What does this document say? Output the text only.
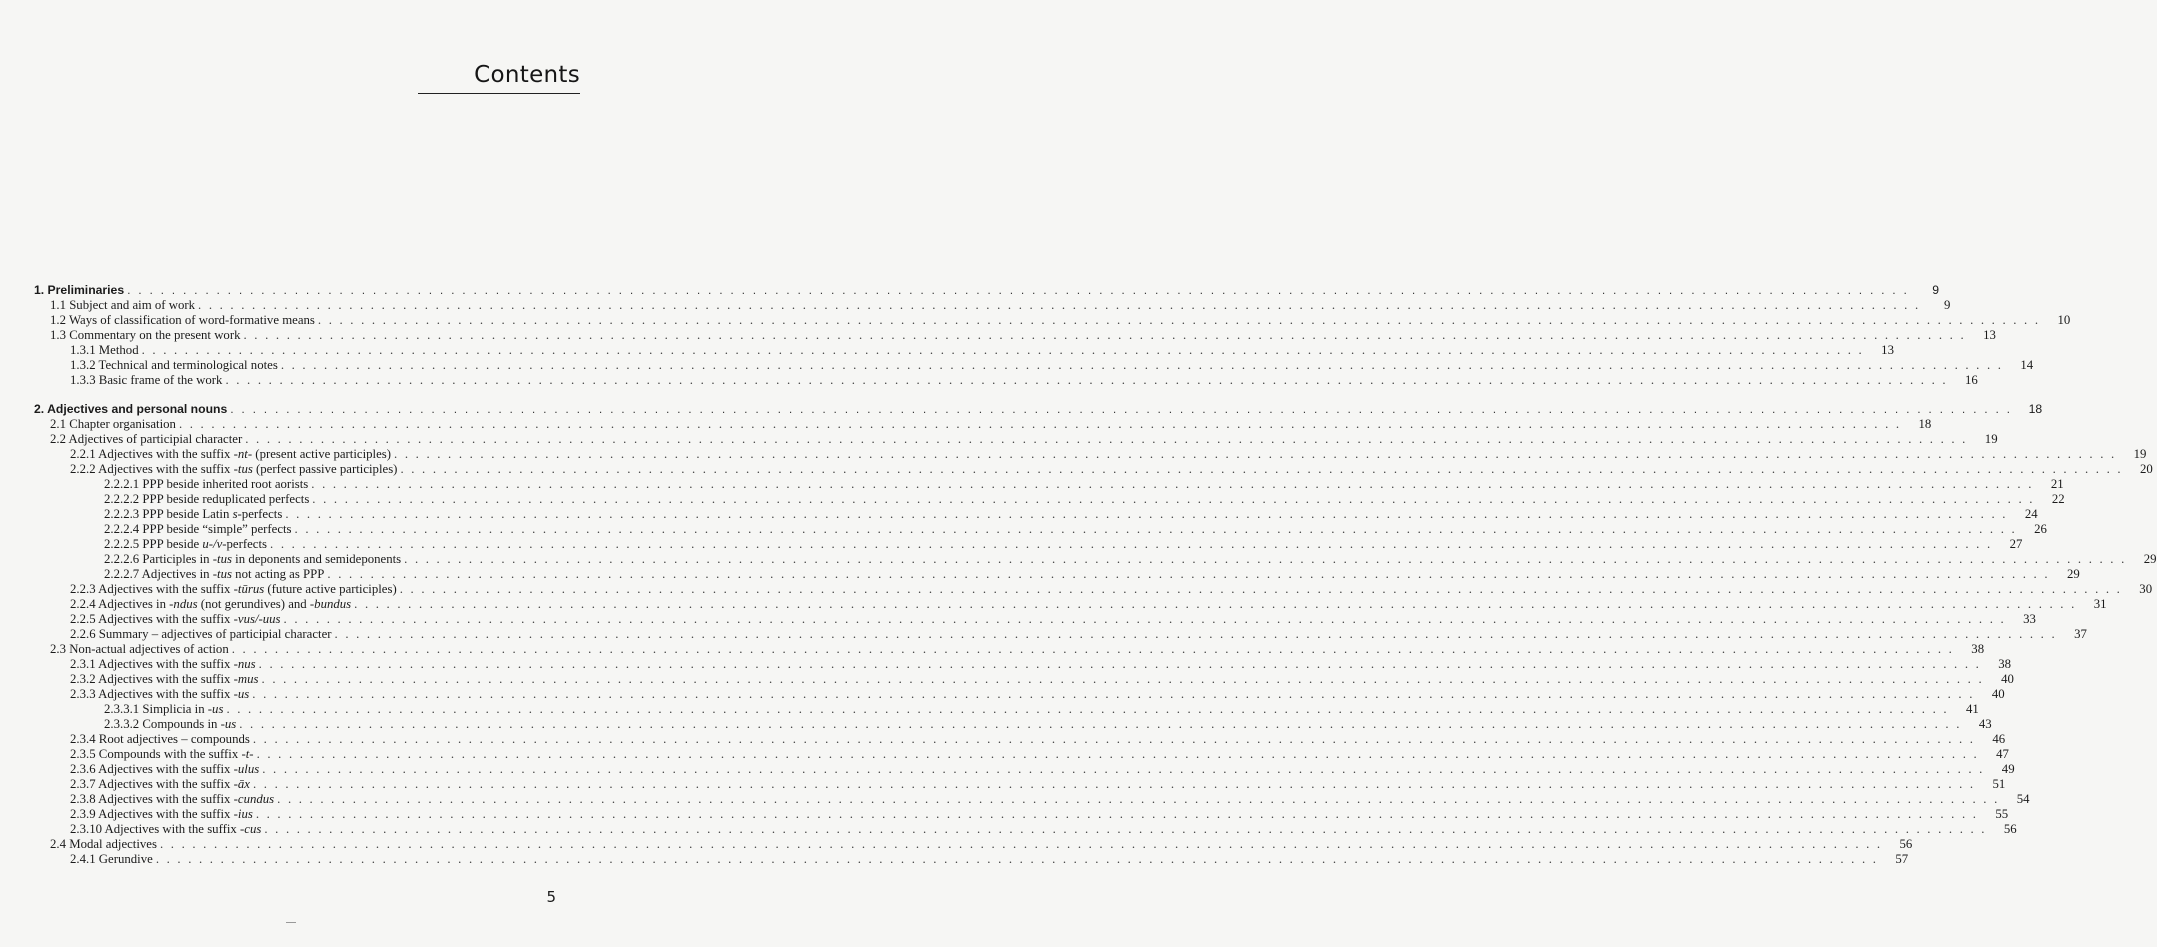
Contents
1. Preliminaries . . . . . . . . . . . . . . . . . . . . . . . . . . . . . . . . . . . . . . . . . . . . . . . . . . . . . . . . . . . . . . . . . . . . . . . . . . . . . . . . . . . . . . . . . . . . . . . . . . . . . . . . . . . . . . . . . . . . . . . . . . . . . . . . . . . . . . . . . . . . . . . . . . . . . . . . . . . . . . . .	9
1.1 Subject and aim of work . . . . . . . . . . . . . . . . . . . . . . . . . . . . . . . . . . . . . . . . . . . . . . . . . . . . . . . . . . . . . . . . . . . . . . . . . . . . . . . . . . . . . . . . . . . . . . . . . . . . . . . . . . . . . . . . . . . . . . . . . . . . . . . . . . . . . . . . . . . . . . . . . . . . . . . . . . . . . . . .	9
1.2 Ways of classification of word-formative means . . . . . . . . . . . . . . . . . . . . . . . . . . . . . . . . . . . . . . . . . . . . . . . . . . . . . . . . . . . . . . . . . . . . . . . . . . . . . . . . . . . . . . . . . . . . . . . . . . . . . . . . . . . . . . . . . . . . . . . . . . . . . . . . . . . . . . . . . . . . . . . . . . . . . . . . . . . . . . . .	10
1.3 Commentary on the present work . . . . . . . . . . . . . . . . . . . . . . . . . . . . . . . . . . . . . . . . . . . . . . . . . . . . . . . . . . . . . . . . . . . . . . . . . . . . . . . . . . . . . . . . . . . . . . . . . . . . . . . . . . . . . . . . . . . . . . . . . . . . . . . . . . . . . . . . . . . . . . . . . . . . . . . . . . . . . . . .	13
1.3.1 Method . . . . . . . . . . . . . . . . . . . . . . . . . . . . . . . . . . . . . . . . . . . . . . . . . . . . . . . . . . . . . . . . . . . . . . . . . . . . . . . . . . . . . . . . . . . . . . . . . . . . . . . . . . . . . . . . . . . . . . . . . . . . . . . . . . . . . . . . . . . . . . . . . . . . . . . . . . . . . . . .	13
1.3.2 Technical and terminological notes . . . . . . . . . . . . . . . . . . . . . . . . . . . . . . . . . . . . . . . . . . . . . . . . . . . . . . . . . . . . . . . . . . . . . . . . . . . . . . . . . . . . . . . . . . . . . . . . . . . . . . . . . . . . . . . . . . . . . . . . . . . . . . . . . . . . . . . . . . . . . . . . . . . . . . . . . . . . . . . .	14
1.3.3 Basic frame of the work . . . . . . . . . . . . . . . . . . . . . . . . . . . . . . . . . . . . . . . . . . . . . . . . . . . . . . . . . . . . . . . . . . . . . . . . . . . . . . . . . . . . . . . . . . . . . . . . . . . . . . . . . . . . . . . . . . . . . . . . . . . . . . . . . . . . . . . . . . . . . . . . . . . . . . . . . . . . . . . .	16
2. Adjectives and personal nouns . . . . . . . . . . . . . . . . . . . . . . . . . . . . . . . . . . . . . . . . . . . . . . . . . . . . . . . . . . . . . . . . . . . . . . . . . . . . . . . . . . . . . . . . . . . . . . . . . . . . . . . . . . . . . . . . . . . . . . . . . . . . . . . . . . . . . . . . . . . . . . . . . . . . . . . . . . . . . . . .	18
2.1 Chapter organisation . . . . . . . . . . . . . . . . . . . . . . . . . . . . . . . . . . . . . . . . . . . . . . . . . . . . . . . . . . . . . . . . . . . . . . . . . . . . . . . . . . . . . . . . . . . . . . . . . . . . . . . . . . . . . . . . . . . . . . . . . . . . . . . . . . . . . . . . . . . . . . . . . . . . . . . . . . . . . . . .	18
2.2 Adjectives of participial character . . . . . . . . . . . . . . . . . . . . . . . . . . . . . . . . . . . . . . . . . . . . . . . . . . . . . . . . . . . . . . . . . . . . . . . . . . . . . . . . . . . . . . . . . . . . . . . . . . . . . . . . . . . . . . . . . . . . . . . . . . . . . . . . . . . . . . . . . . . . . . . . . . . . . . . . . . . . . . . .	19
2.2.1 Adjectives with the suffix -nt- (present active participles) . . . . . . . . . . . . . . . . . . . . . . . . . . . . . . . . . . . . . . . . . . . . . . . . . . . . . . . . . . . . . . . . . . . . . . . . . . . . . . . . . . . . . . . . . . . . . . . . . . . . . . . . . . . . . . . . . . . . . . . . . . . . . . . . . . . . . . . . . . . . . . . . . . . . . . . . . . . . . . . .	19
2.2.2 Adjectives with the suffix -tus (perfect passive participles) . . . . . . . . . . . . . . . . . . . . . . . . . . . . . . . . . . . . . . . . . . . . . . . . . . . . . . . . . . . . . . . . . . . . . . . . . . . . . . . . . . . . . . . . . . . . . . . . . . . . . . . . . . . . . . . . . . . . . . . . . . . . . . . . . . . . . . . . . . . . . . . . . . . . . . . . . . . . . . . .	20
2.2.2.1 PPP beside inherited root aorists . . . . . . . . . . . . . . . . . . . . . . . . . . . . . . . . . . . . . . . . . . . . . . . . . . . . . . . . . . . . . . . . . . . . . . . . . . . . . . . . . . . . . . . . . . . . . . . . . . . . . . . . . . . . . . . . . . . . . . . . . . . . . . . . . . . . . . . . . . . . . . . . . . . . . . . . . . . . . . . .	21
2.2.2.2 PPP beside reduplicated perfects . . . . . . . . . . . . . . . . . . . . . . . . . . . . . . . . . . . . . . . . . . . . . . . . . . . . . . . . . . . . . . . . . . . . . . . . . . . . . . . . . . . . . . . . . . . . . . . . . . . . . . . . . . . . . . . . . . . . . . . . . . . . . . . . . . . . . . . . . . . . . . . . . . . . . . . . . . . . . . . .	22
2.2.2.3 PPP beside Latin s-perfects . . . . . . . . . . . . . . . . . . . . . . . . . . . . . . . . . . . . . . . . . . . . . . . . . . . . . . . . . . . . . . . . . . . . . . . . . . . . . . . . . . . . . . . . . . . . . . . . . . . . . . . . . . . . . . . . . . . . . . . . . . . . . . . . . . . . . . . . . . . . . . . . . . . . . . . . . . . . . . . .	24
2.2.2.4 PPP beside “simple” perfects . . . . . . . . . . . . . . . . . . . . . . . . . . . . . . . . . . . . . . . . . . . . . . . . . . . . . . . . . . . . . . . . . . . . . . . . . . . . . . . . . . . . . . . . . . . . . . . . . . . . . . . . . . . . . . . . . . . . . . . . . . . . . . . . . . . . . . . . . . . . . . . . . . . . . . . . . . . . . . . .	26
2.2.2.5 PPP beside u-/v-perfects . . . . . . . . . . . . . . . . . . . . . . . . . . . . . . . . . . . . . . . . . . . . . . . . . . . . . . . . . . . . . . . . . . . . . . . . . . . . . . . . . . . . . . . . . . . . . . . . . . . . . . . . . . . . . . . . . . . . . . . . . . . . . . . . . . . . . . . . . . . . . . . . . . . . . . . . . . . . . . . .	27
2.2.2.6 Participles in -tus in deponents and semideponents . . . . . . . . . . . . . . . . . . . . . . . . . . . . . . . . . . . . . . . . . . . . . . . . . . . . . . . . . . . . . . . . . . . . . . . . . . . . . . . . . . . . . . . . . . . . . . . . . . . . . . . . . . . . . . . . . . . . . . . . . . . . . . . . . . . . . . . . . . . . . . . . . . . . . . . . . . . . . . . .	29
2.2.2.7 Adjectives in -tus not acting as PPP . . . . . . . . . . . . . . . . . . . . . . . . . . . . . . . . . . . . . . . . . . . . . . . . . . . . . . . . . . . . . . . . . . . . . . . . . . . . . . . . . . . . . . . . . . . . . . . . . . . . . . . . . . . . . . . . . . . . . . . . . . . . . . . . . . . . . . . . . . . . . . . . . . . . . . . . . . . . . . . .	29
2.2.3 Adjectives with the suffix -tūrus (future active participles) . . . . . . . . . . . . . . . . . . . . . . . . . . . . . . . . . . . . . . . . . . . . . . . . . . . . . . . . . . . . . . . . . . . . . . . . . . . . . . . . . . . . . . . . . . . . . . . . . . . . . . . . . . . . . . . . . . . . . . . . . . . . . . . . . . . . . . . . . . . . . . . . . . . . . . . . . . . . . . . .	30
2.2.4 Adjectives in -ndus (not gerundives) and -bundus . . . . . . . . . . . . . . . . . . . . . . . . . . . . . . . . . . . . . . . . . . . . . . . . . . . . . . . . . . . . . . . . . . . . . . . . . . . . . . . . . . . . . . . . . . . . . . . . . . . . . . . . . . . . . . . . . . . . . . . . . . . . . . . . . . . . . . . . . . . . . . . . . . . . . . . . . . . . . . . .	31
2.2.5 Adjectives with the suffix -vus/-uus . . . . . . . . . . . . . . . . . . . . . . . . . . . . . . . . . . . . . . . . . . . . . . . . . . . . . . . . . . . . . . . . . . . . . . . . . . . . . . . . . . . . . . . . . . . . . . . . . . . . . . . . . . . . . . . . . . . . . . . . . . . . . . . . . . . . . . . . . . . . . . . . . . . . . . . . . . . . . . . .	33
2.2.6 Summary – adjectives of participial character . . . . . . . . . . . . . . . . . . . . . . . . . . . . . . . . . . . . . . . . . . . . . . . . . . . . . . . . . . . . . . . . . . . . . . . . . . . . . . . . . . . . . . . . . . . . . . . . . . . . . . . . . . . . . . . . . . . . . . . . . . . . . . . . . . . . . . . . . . . . . . . . . . . . . . . . . . . . . . . .	37
2.3 Non-actual adjectives of action . . . . . . . . . . . . . . . . . . . . . . . . . . . . . . . . . . . . . . . . . . . . . . . . . . . . . . . . . . . . . . . . . . . . . . . . . . . . . . . . . . . . . . . . . . . . . . . . . . . . . . . . . . . . . . . . . . . . . . . . . . . . . . . . . . . . . . . . . . . . . . . . . . . . . . . . . . . . . . . .	38
2.3.1 Adjectives with the suffix -nus . . . . . . . . . . . . . . . . . . . . . . . . . . . . . . . . . . . . . . . . . . . . . . . . . . . . . . . . . . . . . . . . . . . . . . . . . . . . . . . . . . . . . . . . . . . . . . . . . . . . . . . . . . . . . . . . . . . . . . . . . . . . . . . . . . . . . . . . . . . . . . . . . . . . . . . . . . . . . . . .	38
2.3.2 Adjectives with the suffix -mus . . . . . . . . . . . . . . . . . . . . . . . . . . . . . . . . . . . . . . . . . . . . . . . . . . . . . . . . . . . . . . . . . . . . . . . . . . . . . . . . . . . . . . . . . . . . . . . . . . . . . . . . . . . . . . . . . . . . . . . . . . . . . . . . . . . . . . . . . . . . . . . . . . . . . . . . . . . . . . . .	40
2.3.3 Adjectives with the suffix -us . . . . . . . . . . . . . . . . . . . . . . . . . . . . . . . . . . . . . . . . . . . . . . . . . . . . . . . . . . . . . . . . . . . . . . . . . . . . . . . . . . . . . . . . . . . . . . . . . . . . . . . . . . . . . . . . . . . . . . . . . . . . . . . . . . . . . . . . . . . . . . . . . . . . . . . . . . . . . . . .	40
2.3.3.1 Simplicia in -us . . . . . . . . . . . . . . . . . . . . . . . . . . . . . . . . . . . . . . . . . . . . . . . . . . . . . . . . . . . . . . . . . . . . . . . . . . . . . . . . . . . . . . . . . . . . . . . . . . . . . . . . . . . . . . . . . . . . . . . . . . . . . . . . . . . . . . . . . . . . . . . . . . . . . . . . . . . . . . . .	41
2.3.3.2 Compounds in -us . . . . . . . . . . . . . . . . . . . . . . . . . . . . . . . . . . . . . . . . . . . . . . . . . . . . . . . . . . . . . . . . . . . . . . . . . . . . . . . . . . . . . . . . . . . . . . . . . . . . . . . . . . . . . . . . . . . . . . . . . . . . . . . . . . . . . . . . . . . . . . . . . . . . . . . . . . . . . . . .	43
2.3.4 Root adjectives – compounds . . . . . . . . . . . . . . . . . . . . . . . . . . . . . . . . . . . . . . . . . . . . . . . . . . . . . . . . . . . . . . . . . . . . . . . . . . . . . . . . . . . . . . . . . . . . . . . . . . . . . . . . . . . . . . . . . . . . . . . . . . . . . . . . . . . . . . . . . . . . . . . . . . . . . . . . . . . . . . . .	46
2.3.5 Compounds with the suffix -t- . . . . . . . . . . . . . . . . . . . . . . . . . . . . . . . . . . . . . . . . . . . . . . . . . . . . . . . . . . . . . . . . . . . . . . . . . . . . . . . . . . . . . . . . . . . . . . . . . . . . . . . . . . . . . . . . . . . . . . . . . . . . . . . . . . . . . . . . . . . . . . . . . . . . . . . . . . . . . . . .	47
2.3.6 Adjectives with the suffix -ulus . . . . . . . . . . . . . . . . . . . . . . . . . . . . . . . . . . . . . . . . . . . . . . . . . . . . . . . . . . . . . . . . . . . . . . . . . . . . . . . . . . . . . . . . . . . . . . . . . . . . . . . . . . . . . . . . . . . . . . . . . . . . . . . . . . . . . . . . . . . . . . . . . . . . . . . . . . . . . . . .	49
2.3.7 Adjectives with the suffix -āx . . . . . . . . . . . . . . . . . . . . . . . . . . . . . . . . . . . . . . . . . . . . . . . . . . . . . . . . . . . . . . . . . . . . . . . . . . . . . . . . . . . . . . . . . . . . . . . . . . . . . . . . . . . . . . . . . . . . . . . . . . . . . . . . . . . . . . . . . . . . . . . . . . . . . . . . . . . . . . . .	51
2.3.8 Adjectives with the suffix -cundus . . . . . . . . . . . . . . . . . . . . . . . . . . . . . . . . . . . . . . . . . . . . . . . . . . . . . . . . . . . . . . . . . . . . . . . . . . . . . . . . . . . . . . . . . . . . . . . . . . . . . . . . . . . . . . . . . . . . . . . . . . . . . . . . . . . . . . . . . . . . . . . . . . . . . . . . . . . . . . . .	54
2.3.9 Adjectives with the suffix -ius . . . . . . . . . . . . . . . . . . . . . . . . . . . . . . . . . . . . . . . . . . . . . . . . . . . . . . . . . . . . . . . . . . . . . . . . . . . . . . . . . . . . . . . . . . . . . . . . . . . . . . . . . . . . . . . . . . . . . . . . . . . . . . . . . . . . . . . . . . . . . . . . . . . . . . . . . . . . . . . .	55
2.3.10 Adjectives with the suffix -cus . . . . . . . . . . . . . . . . . . . . . . . . . . . . . . . . . . . . . . . . . . . . . . . . . . . . . . . . . . . . . . . . . . . . . . . . . . . . . . . . . . . . . . . . . . . . . . . . . . . . . . . . . . . . . . . . . . . . . . . . . . . . . . . . . . . . . . . . . . . . . . . . . . . . . . . . . . . . . . . .	56
2.4 Modal adjectives . . . . . . . . . . . . . . . . . . . . . . . . . . . . . . . . . . . . . . . . . . . . . . . . . . . . . . . . . . . . . . . . . . . . . . . . . . . . . . . . . . . . . . . . . . . . . . . . . . . . . . . . . . . . . . . . . . . . . . . . . . . . . . . . . . . . . . . . . . . . . . . . . . . . . . . . . . . . . . . .	56
2.4.1 Gerundive . . . . . . . . . . . . . . . . . . . . . . . . . . . . . . . . . . . . . . . . . . . . . . . . . . . . . . . . . . . . . . . . . . . . . . . . . . . . . . . . . . . . . . . . . . . . . . . . . . . . . . . . . . . . . . . . . . . . . . . . . . . . . . . . . . . . . . . . . . . . . . . . . . . . . . . . . . . . . . . .	57
5
